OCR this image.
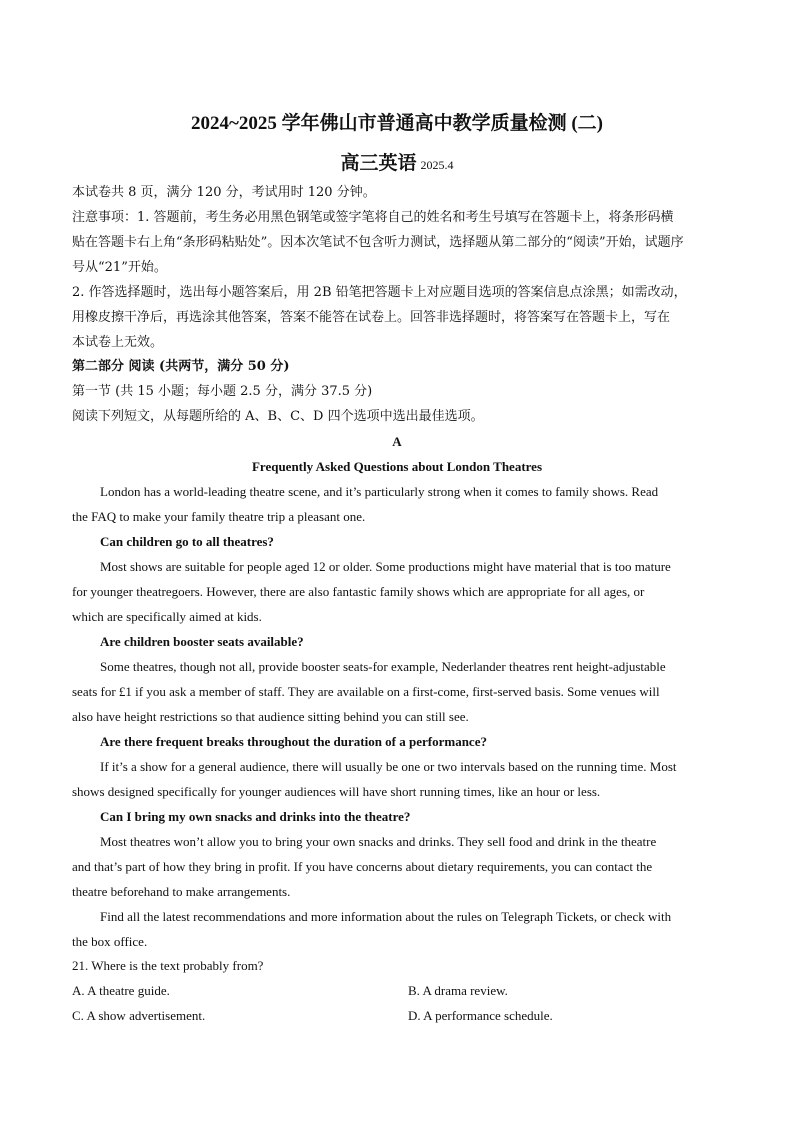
2024~2025 学年佛山市普通高中教学质量检测 (二)
高三英语 2025.4
本试卷共 8 页，满分 120 分，考试用时 120 分钟。
注意事项：1. 答题前，考生务必用黑色钢笔或签字笔将自己的姓名和考生号填写在答题卡上，将条形码横
贴在答题卡右上角“条形码粘贴处”。因本次笔试不包含听力测试，选择题从第二部分的“阅读”开始，试题序
号从“21”开始。
2. 作答选择题时，选出每小题答案后，用 2B 铅笔把答题卡上对应题目选项的答案信息点涂黑；如需改动，
用橡皮擦干净后，再选涂其他答案，答案不能答在试卷上。回答非选择题时，将答案写在答题卡上，写在
本试卷上无效。
第二部分 阅读 (共两节，满分 50 分)
第一节 (共 15 小题；每小题 2.5 分，满分 37.5 分)
阅读下列短文，从每题所给的 A、B、C、D 四个选项中选出最佳选项。
A
Frequently Asked Questions about London Theatres
London has a world-leading theatre scene, and it’s particularly strong when it comes to family shows. Read
the FAQ to make your family theatre trip a pleasant one.
Can children go to all theatres?
Most shows are suitable for people aged 12 or older. Some productions might have material that is too mature
for younger theatregoers. However, there are also fantastic family shows which are appropriate for all ages, or
which are specifically aimed at kids.
Are children booster seats available?
Some theatres, though not all, provide booster seats-for example, Nederlander theatres rent height-adjustable
seats for £1 if you ask a member of staff. They are available on a first-come, first-served basis. Some venues will
also have height restrictions so that audience sitting behind you can still see.
Are there frequent breaks throughout the duration of a performance?
If it’s a show for a general audience, there will usually be one or two intervals based on the running time. Most
shows designed specifically for younger audiences will have short running times, like an hour or less.
Can I bring my own snacks and drinks into the theatre?
Most theatres won’t allow you to bring your own snacks and drinks. They sell food and drink in the theatre
and that’s part of how they bring in profit. If you have concerns about dietary requirements, you can contact the
theatre beforehand to make arrangements.
Find all the latest recommendations and more information about the rules on Telegraph Tickets, or check with
the box office.
21. Where is the text probably from?
A. A theatre guide.	B. A drama review.
C. A show advertisement.	D. A performance schedule.
